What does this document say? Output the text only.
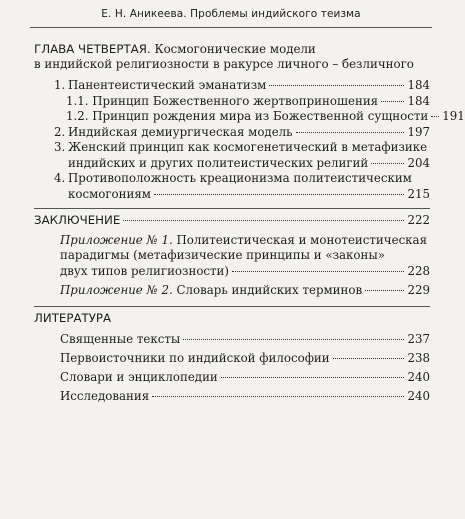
Е. Н. Аникеева. Проблемы индийского теизма
ГЛАВА ЧЕТВЕРТАЯ. Космогонические модели
в индийской религиозности в ракурсе личного – безличного
1. Панентеистический эманатизм	184
1.1. Принцип Божественного жертвоприношения 184
1.2. Принцип рождения мира из Божественной сущности 191
2. Индийская демиургическая модель	197
3. Женский принцип как космогенетический в метафизике
индийских и других политеистических религий	204
4. Противоположность креационизма политеистическим
космогониям	215
ЗАКЛЮЧЕНИЕ	222
Приложение № 1. Политеистическая и монотеистическая
парадигмы (метафизические принципы и «законы»
двух типов религиозности)	228
Приложение № 2. Словарь индийских терминов	229
ЛИТЕРАТУРА
Священные тексты	237
Первоисточники по индийской философии	238
Словари и энциклопедии	240
Исследования	240
